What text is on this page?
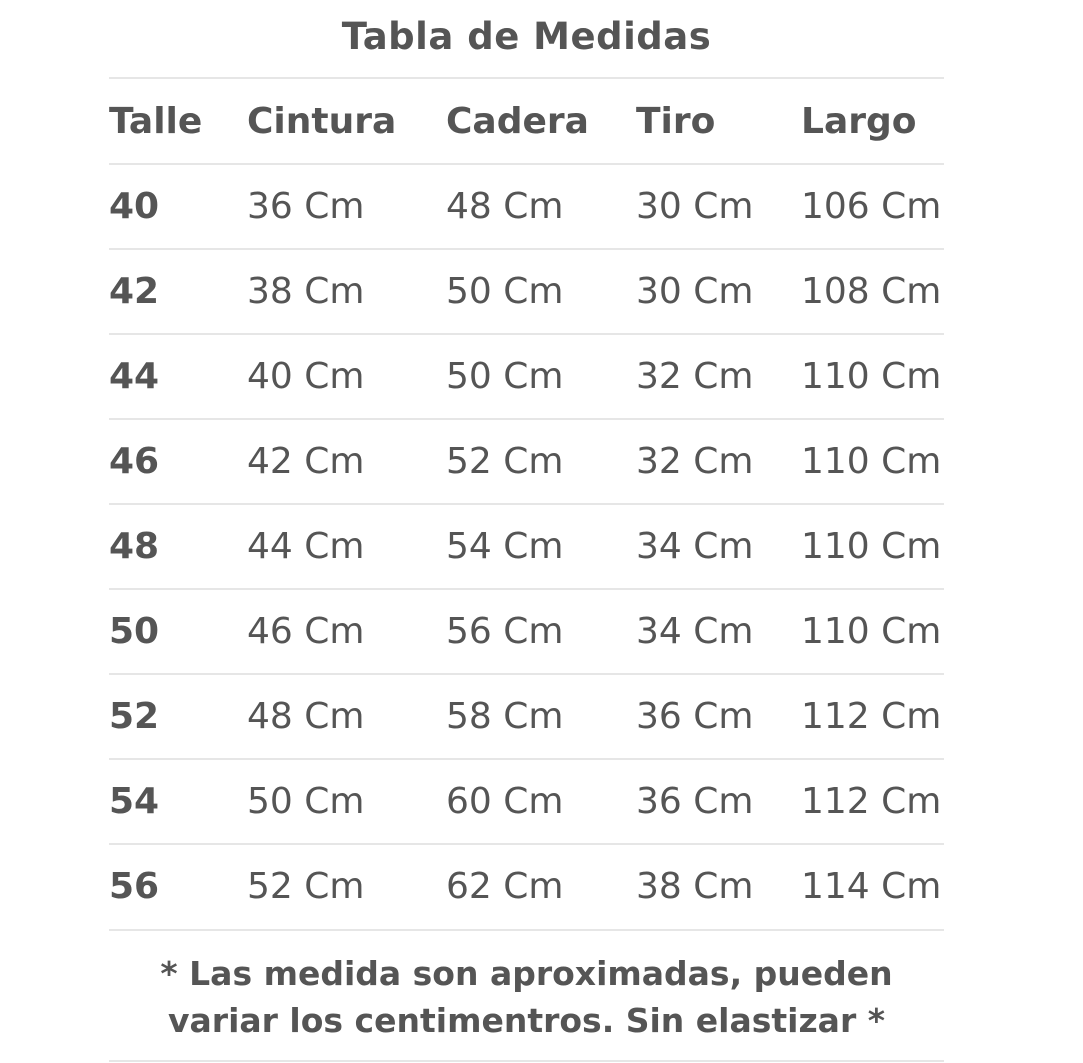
Tabla de Medidas
Talle Cintura Cadera Tiro Largo
40 36 Cm 48 Cm 30 Cm 106 Cm
42 38 Cm 50 Cm 30 Cm 108 Cm
44 40 Cm 50 Cm 32 Cm 110 Cm
46 42 Cm 52 Cm 32 Cm 110 Cm
48 44 Cm 54 Cm 34 Cm 110 Cm
50 46 Cm 56 Cm 34 Cm 110 Cm
52 48 Cm 58 Cm 36 Cm 112 Cm
54 50 Cm 60 Cm 36 Cm 112 Cm
56 52 Cm 62 Cm 38 Cm 114 Cm
* Las medida son aproximadas, pueden
variar los centimentros. Sin elastizar *
